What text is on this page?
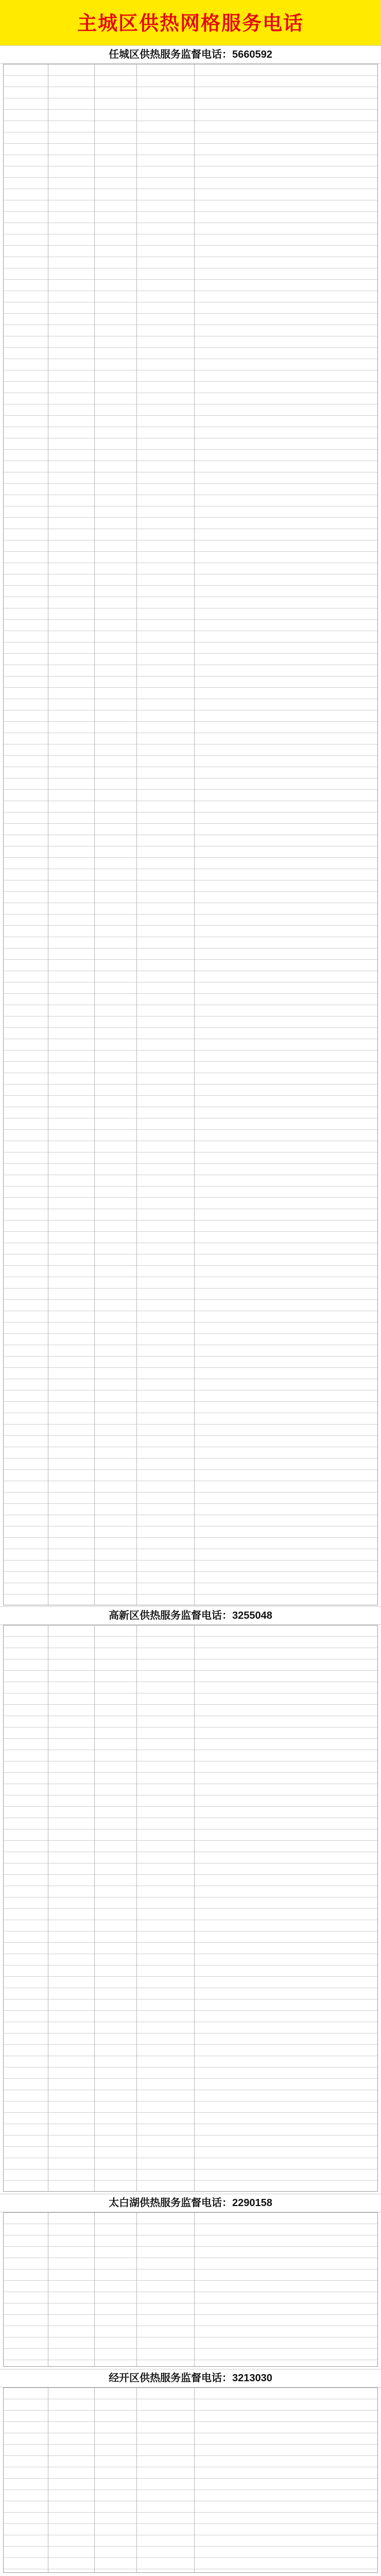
主城区供热网格服务电话
任城区供热服务监督电话：5660592
高新区供热服务监督电话：3255048
太白湖供热服务监督电话：2290158
经开区供热服务监督电话：3213030
